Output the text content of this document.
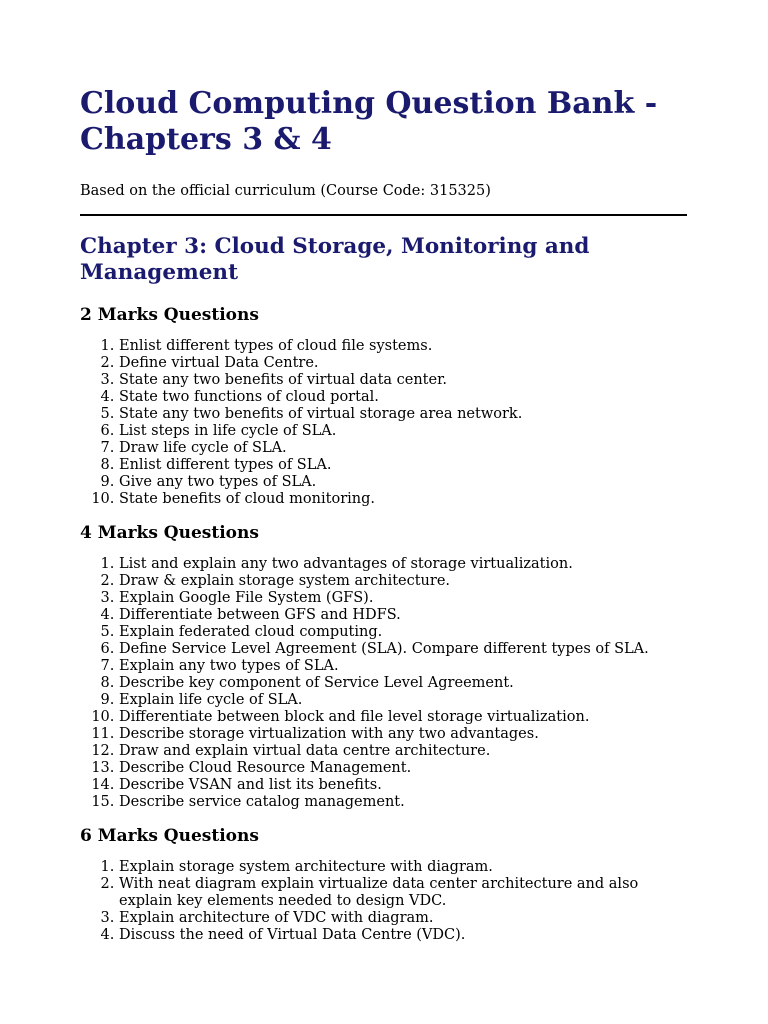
Cloud Computing Question Bank -
Chapters 3 & 4

Based on the official curriculum (Course Code: 315325)

Chapter 3: Cloud Storage, Monitoring and
Management
2 Marks Questions
1. Enlist different types of cloud file systems.
2. Define virtual Data Centre.
3. State any two benefits of virtual data center.
4. State two functions of cloud portal.
5. State any two benefits of virtual storage area network.
6. List steps in life cycle of SLA.
7. Draw life cycle of SLA.
8. Enlist different types of SLA.
9. Give any two types of SLA.
10. State benefits of cloud monitoring.
4 Marks Questions
1. List and explain any two advantages of storage virtualization.
2. Draw & explain storage system architecture.
3. Explain Google File System (GFS).
4. Differentiate between GFS and HDFS.
5. Explain federated cloud computing.
6. Define Service Level Agreement (SLA). Compare different types of SLA.
7. Explain any two types of SLA.
8. Describe key component of Service Level Agreement.
9. Explain life cycle of SLA.
10. Differentiate between block and file level storage virtualization.
11. Describe storage virtualization with any two advantages.
12. Draw and explain virtual data centre architecture.
13. Describe Cloud Resource Management.
14. Describe VSAN and list its benefits.
15. Describe service catalog management.
6 Marks Questions
1. Explain storage system architecture with diagram.
2. With neat diagram explain virtualize data center architecture and also explain key elements needed to design VDC.
3. Explain architecture of VDC with diagram.
4. Discuss the need of Virtual Data Centre (VDC).
